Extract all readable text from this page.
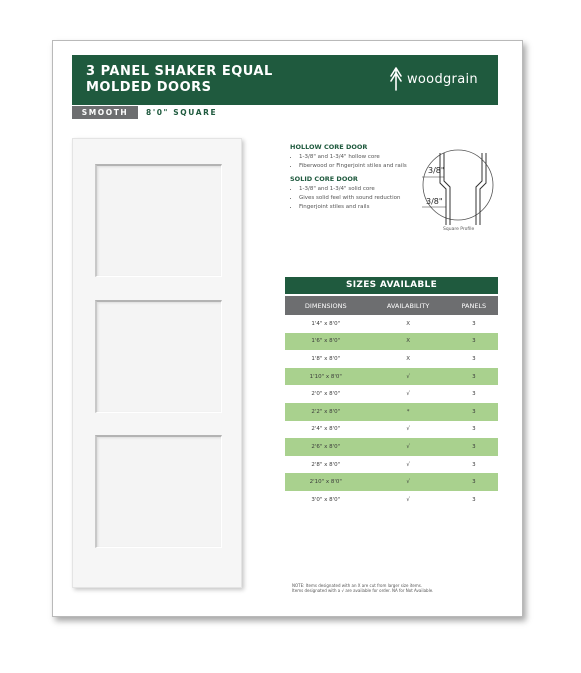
3 PANEL SHAKER EQUAL
MOLDED DOORS
woodgrain
SMOOTH	8'0" SQUARE
HOLLOW CORE DOOR
• 1-3/8" and 1-3/4" hollow core
• Fiberwood or Fingerjoint stiles and rails
SOLID CORE DOOR
• 1-3/8" and 1-3/4" solid core
• Gives solid feel with sound reduction
• Fingerjoint stiles and rails
3/8"
3/8"
Square Profile
SIZES AVAILABLE
DIMENSIONS	AVAILABILITY	PANELS
1'4" x 8'0"	X	3
1'6" x 8'0"	X	3
1'8" x 8'0"	X	3
1'10" x 8'0"	√	3
2'0" x 8'0"	√	3
2'2" x 8'0"	*	3
2'4" x 8'0"	√	3
2'6" x 8'0"	√	3
2'8" x 8'0"	√	3
2'10" x 8'0"	√	3
3'0" x 8'0"	√	3
NOTE: Items designated with an X are cut from larger size items.
Items designated with a √ are available for order. NA for Not Available.
